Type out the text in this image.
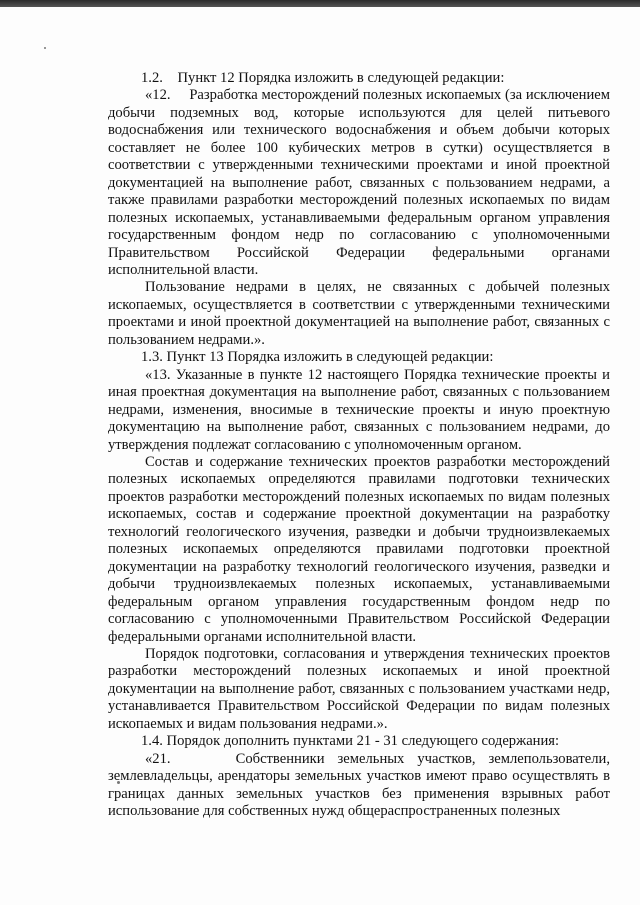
1.2.    Пункт 12 Порядка изложить в следующей редакции:

«12.     Разработка месторождений полезных ископаемых (за исключением добычи подземных вод, которые используются для целей питьевого водоснабжения или технического водоснабжения и объем добычи которых составляет не более 100 кубических метров в сутки) осуществляется в соответствии с утвержденными техническими проектами и иной проектной документацией на выполнение работ, связанных с пользованием недрами, а также правилами разработки месторождений полезных ископаемых по видам полезных ископаемых, устанавливаемыми федеральным органом управления государственным фондом недр по согласованию с уполномоченными Правительством Российской Федерации федеральными органами исполнительной власти.

Пользование недрами в целях, не связанных с добычей полезных ископаемых, осуществляется в соответствии с утвержденными техническими проектами и иной проектной документацией на выполнение работ, связанных с пользованием недрами.».

1.3. Пункт 13 Порядка изложить в следующей редакции:

«13. Указанные в пункте 12 настоящего Порядка технические проекты и иная проектная документация на выполнение работ, связанных с пользованием недрами, изменения, вносимые в технические проекты и иную проектную документацию на выполнение работ, связанных с пользованием недрами, до утверждения подлежат согласованию с уполномоченным органом.

Состав и содержание технических проектов разработки месторождений полезных ископаемых определяются правилами подготовки технических проектов разработки месторождений полезных ископаемых по видам полезных ископаемых, состав и содержание проектной документации на разработку технологий геологического изучения, разведки и добычи трудноизвлекаемых полезных ископаемых определяются правилами подготовки проектной документации на разработку технологий геологического изучения, разведки и добычи трудноизвлекаемых полезных ископаемых, устанавливаемыми федеральным органом управления государственным фондом недр по согласованию с уполномоченными Правительством Российской Федерации федеральными органами исполнительной власти.

Порядок подготовки, согласования и утверждения технических проектов разработки месторождений полезных ископаемых и иной проектной документации на выполнение работ, связанных с пользованием участками недр, устанавливается Правительством Российской Федерации по видам полезных ископаемых и видам пользования недрами.».

1.4. Порядок дополнить пунктами 21 - 31 следующего содержания:

«21.     Собственники земельных участков, землепользователи, землевладельцы, арендаторы земельных участков имеют право осуществлять в границах данных земельных участков без применения взрывных работ использование для собственных нужд общераспространенных полезных
